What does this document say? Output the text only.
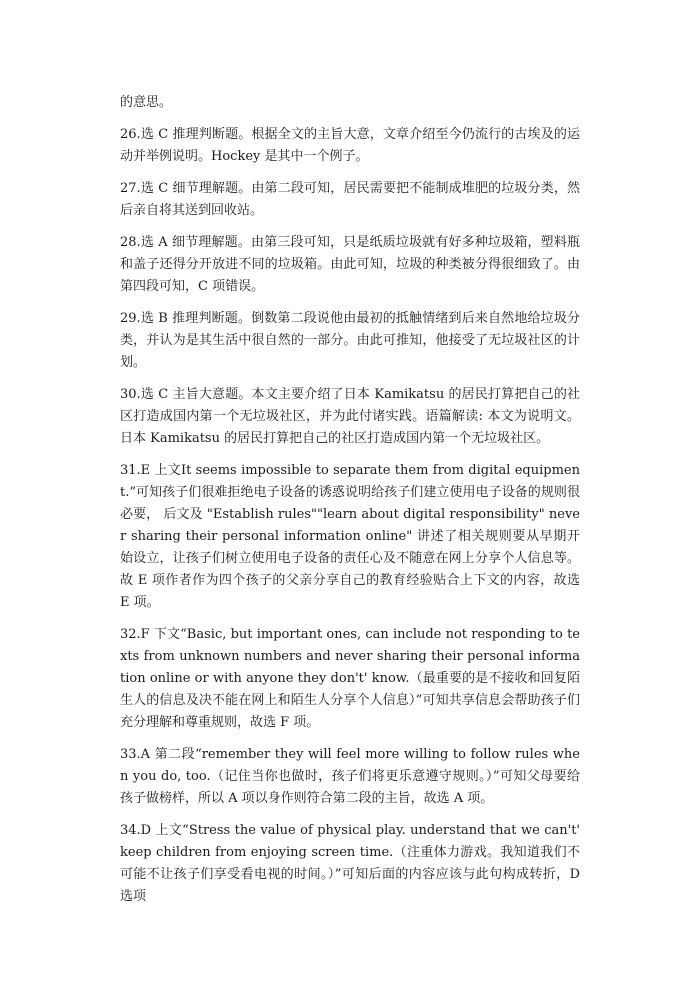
的意思。

26.选 C 推理判断题。根据全文的主旨大意，文章介绍至今仍流行的古埃及的运动并举例说明。Hockey 是其中一个例子。

27.选 C 细节理解题。由第二段可知，居民需要把不能制成堆肥的垃圾分类，然后亲自将其送到回收站。

28.选 A 细节理解题。由第三段可知，只是纸质垃圾就有好多种垃圾箱，塑料瓶和盖子还得分开放进不同的垃圾箱。由此可知，垃圾的种类被分得很细致了。由第四段可知，C 项错误。

29.选 B 推理判断题。倒数第二段说他由最初的抵触情绪到后来自然地给垃圾分类，并认为是其生活中很自然的一部分。由此可推知，他接受了无垃圾社区的计划。

30.选 C 主旨大意题。本文主要介绍了日本 Kamikatsu 的居民打算把自己的社区打造成国内第一个无垃圾社区，并为此付诸实践。语篇解读: 本文为说明文。日本 Kamikatsu 的居民打算把自己的社区打造成国内第一个无垃圾社区。

31.E 上文It seems impossible to separate them from digital equipment.”可知孩子们很难拒绝电子设备的诱惑说明给孩子们建立使用电子设备的规则很必要， 后文及 "Establish rules""learn about digital responsibility" never sharing their personal information online" 讲述了相关规则要从早期开始设立，让孩子们树立使用电子设备的责任心及不随意在网上分享个人信息等。故 E 项作者作为四个孩子的父亲分享自己的教育经验贴合上下文的内容，故选 E 项。

32.F 下文“Basic, but important ones, can include not responding to texts from unknown numbers and never sharing their personal information online or with anyone they don't' know.（最重要的是不接收和回复陌生人的信息及决不能在网上和陌生人分享个人信息）”可知共享信息会帮助孩子们充分理解和尊重规则，故选 F 项。

33.A 第二段“remember they will feel more willing to follow rules when you do, too.（记住当你也做时，孩子们将更乐意遵守规则。）”可知父母要给孩子做榜样，所以 A 项以身作则符合第二段的主旨，故选 A 项。

34.D 上文“Stress the value of physical play. understand that we can't' keep children from enjoying screen time.（注重体力游戏。我知道我们不可能不让孩子们享受看电视的时间。）”可知后面的内容应该与此句构成转折，D 选项
